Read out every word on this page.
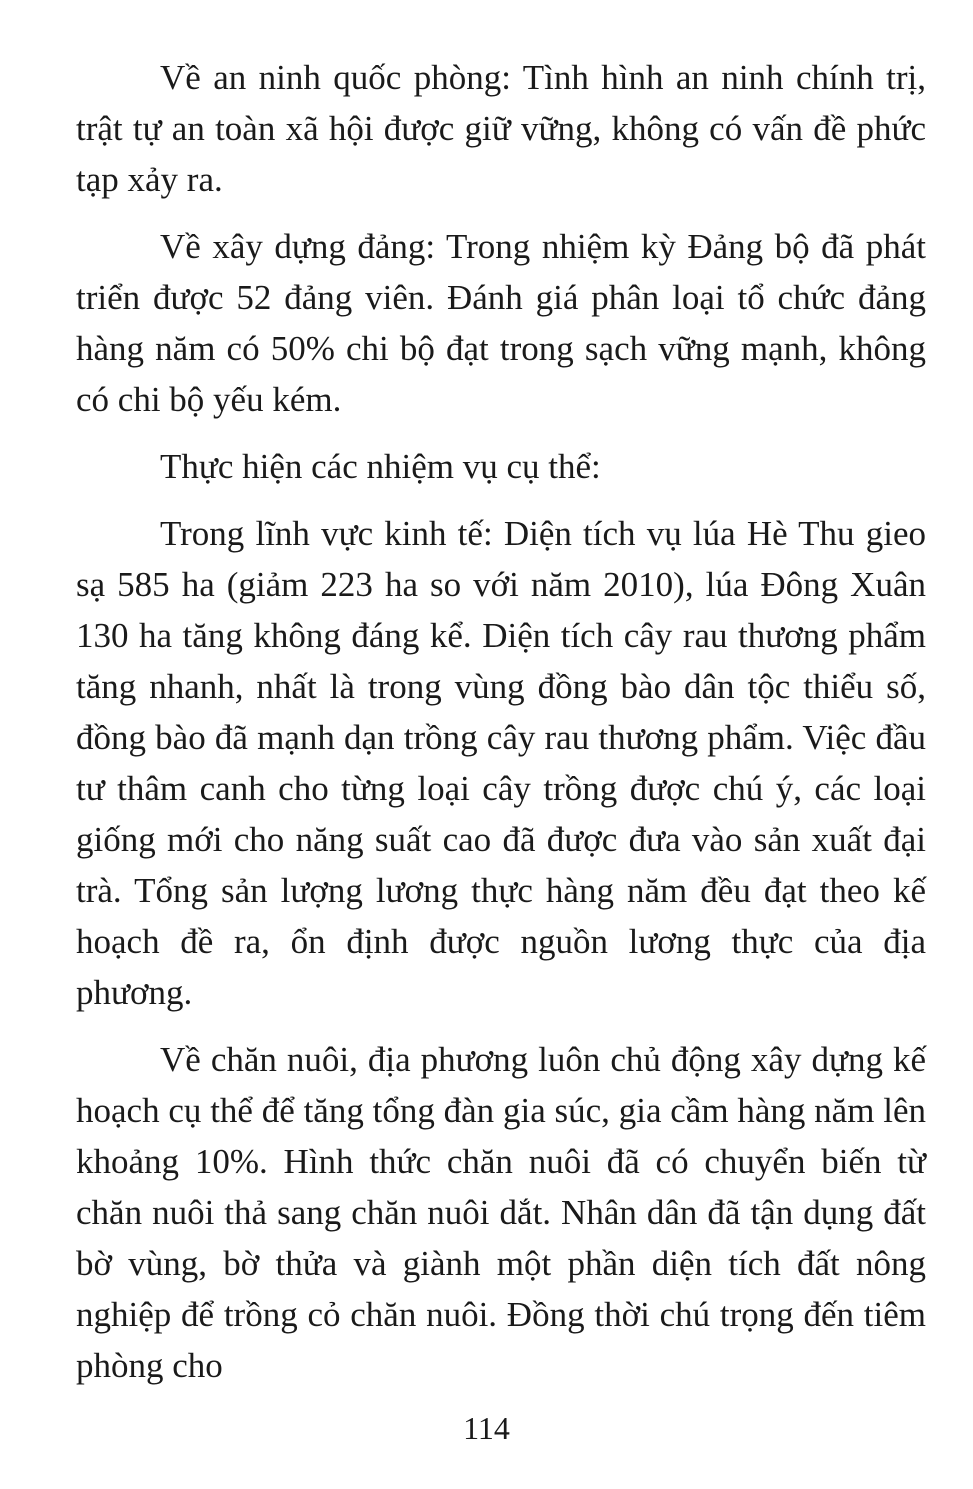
Về an ninh quốc phòng: Tình hình an ninh chính trị, trật tự an toàn xã hội được giữ vững, không có vấn đề phức tạp xảy ra.

Về xây dựng đảng: Trong nhiệm kỳ Đảng bộ đã phát triển được 52 đảng viên. Đánh giá phân loại tổ chức đảng hàng năm có 50% chi bộ đạt trong sạch vững mạnh, không có chi bộ yếu kém.

Thực hiện các nhiệm vụ cụ thể:

Trong lĩnh vực kinh tế: Diện tích vụ lúa Hè Thu gieo sạ 585 ha (giảm 223 ha so với năm 2010), lúa Đông Xuân 130 ha tăng không đáng kể. Diện tích cây rau thương phẩm tăng nhanh, nhất là trong vùng đồng bào dân tộc thiểu số, đồng bào đã mạnh dạn trồng cây rau thương phẩm. Việc đầu tư thâm canh cho từng loại cây trồng được chú ý, các loại giống mới cho năng suất cao đã được đưa vào sản xuất đại trà. Tổng sản lượng lương thực hàng năm đều đạt theo kế hoạch đề ra, ổn định được nguồn lương thực của địa phương.

Về chăn nuôi, địa phương luôn chủ động xây dựng kế hoạch cụ thể để tăng tổng đàn gia súc, gia cầm hàng năm lên khoảng 10%. Hình thức chăn nuôi đã có chuyển biến từ chăn nuôi thả sang chăn nuôi dắt. Nhân dân đã tận dụng đất bờ vùng, bờ thửa và giành một phần diện tích đất nông nghiệp để trồng cỏ chăn nuôi. Đồng thời chú trọng đến tiêm phòng cho

114
